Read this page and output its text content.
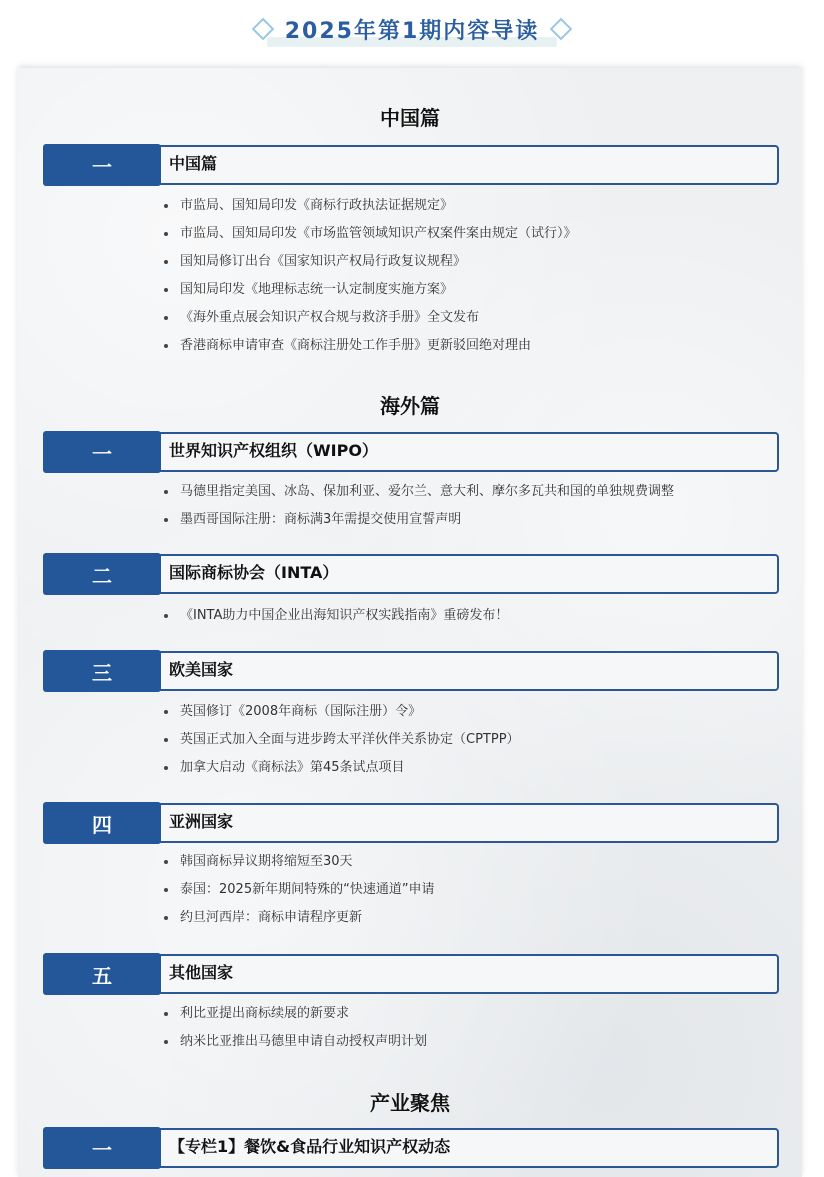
2025年第1期内容导读
中国篇
一	中国篇
市监局、国知局印发《商标行政执法证据规定》
市监局、国知局印发《市场监管领域知识产权案件案由规定（试行）》
国知局修订出台《国家知识产权局行政复议规程》
国知局印发《地理标志统一认定制度实施方案》
《海外重点展会知识产权合规与救济手册》全文发布
香港商标申请审查《商标注册处工作手册》更新驳回绝对理由
海外篇
一	世界知识产权组织（WIPO）
马德里指定美国、冰岛、保加利亚、爱尔兰、意大利、摩尔多瓦共和国的单独规费调整
墨西哥国际注册：商标满3年需提交使用宣誓声明
二	国际商标协会（INTA）
《INTA助力中国企业出海知识产权实践指南》重磅发布！
三	欧美国家
英国修订《2008年商标（国际注册）令》
英国正式加入全面与进步跨太平洋伙伴关系协定（CPTPP）
加拿大启动《商标法》第45条试点项目
四	亚洲国家
韩国商标异议期将缩短至30天
泰国：2025新年期间特殊的“快速通道”申请
约旦河西岸：商标申请程序更新
五	其他国家
利比亚提出商标续展的新要求
纳米比亚推出马德里申请自动授权声明计划
产业聚焦
一	【专栏1】餐饮&食品行业知识产权动态
